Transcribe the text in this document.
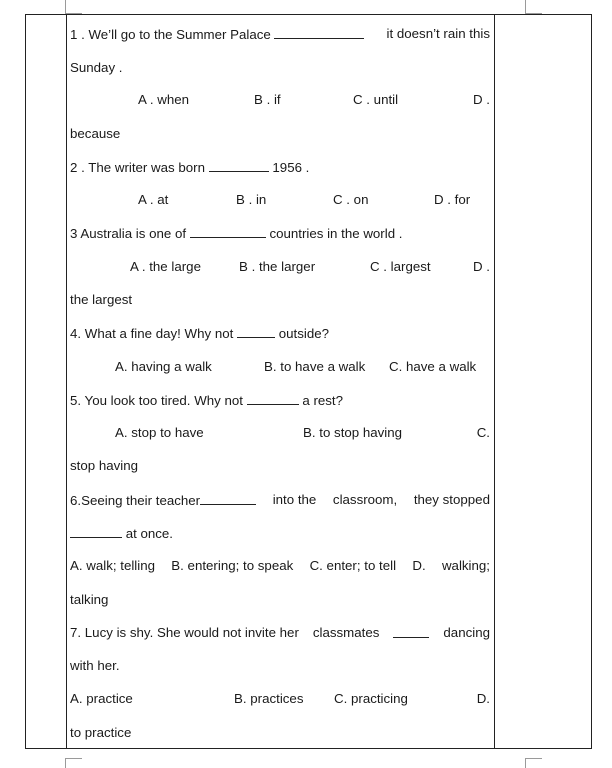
1 . We’ll go to the Summer Palace	it doesn’t rain this
Sunday .
A . when	B . if	C . until	D .
because
2 . The writer was born	1956 .
A . at	B . in	C . on	D . for
3 Australia is one of	countries in the world .
A . the large	B . the larger	C . largest	D .
the largest
4. What a fine day! Why not	outside?
A. having a walk	B. to have a walk C. have a walk
5. You look too tired. Why not	a rest?
A. stop to have	B. to stop having	C.
stop having
6.Seeing their teacher	into the classroom, they stopped
at once.
A. walk; telling B. entering; to speak C. enter; to tell D. walking;
talking
7. Lucy is shy. She would not invite her classmates	dancing
with her.
A. practice	B. practices C. practicing	D.
to practice
